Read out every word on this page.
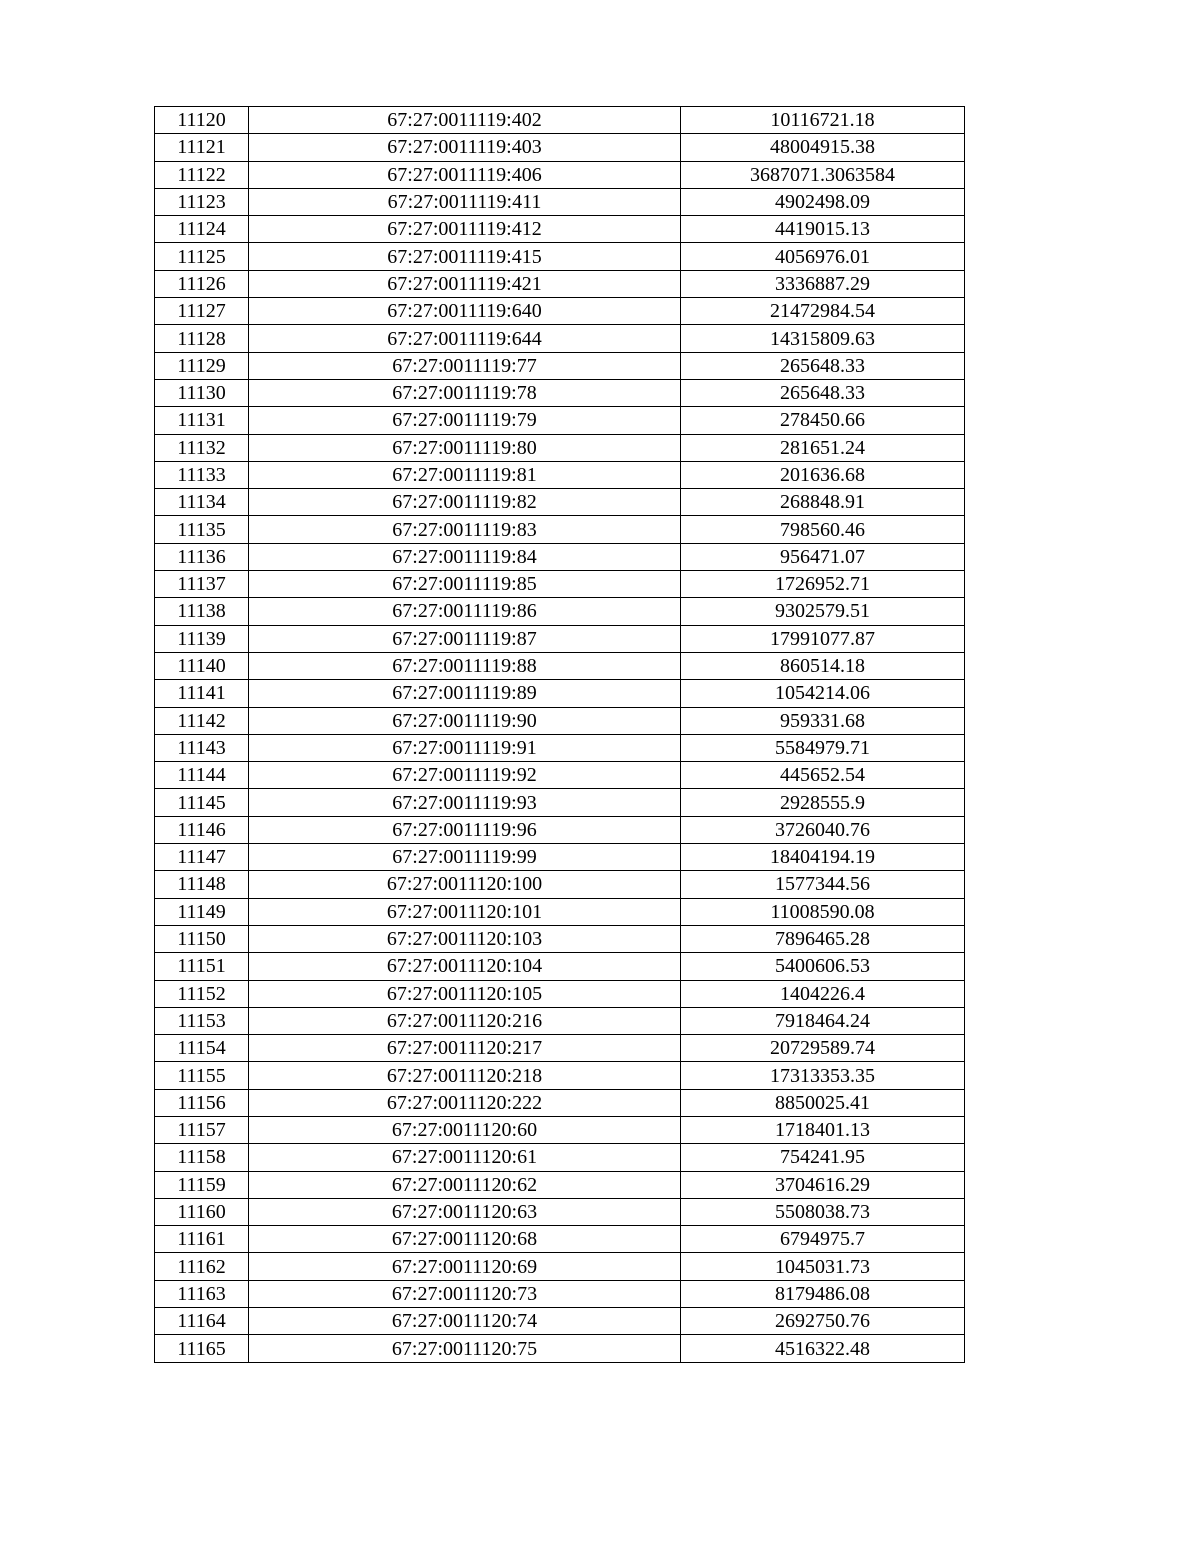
11120	67:27:0011119:402	10116721.18
11121	67:27:0011119:403	48004915.38
11122	67:27:0011119:406	3687071.3063584
11123	67:27:0011119:411	4902498.09
11124	67:27:0011119:412	4419015.13
11125	67:27:0011119:415	4056976.01
11126	67:27:0011119:421	3336887.29
11127	67:27:0011119:640	21472984.54
11128	67:27:0011119:644	14315809.63
11129	67:27:0011119:77	265648.33
11130	67:27:0011119:78	265648.33
11131	67:27:0011119:79	278450.66
11132	67:27:0011119:80	281651.24
11133	67:27:0011119:81	201636.68
11134	67:27:0011119:82	268848.91
11135	67:27:0011119:83	798560.46
11136	67:27:0011119:84	956471.07
11137	67:27:0011119:85	1726952.71
11138	67:27:0011119:86	9302579.51
11139	67:27:0011119:87	17991077.87
11140	67:27:0011119:88	860514.18
11141	67:27:0011119:89	1054214.06
11142	67:27:0011119:90	959331.68
11143	67:27:0011119:91	5584979.71
11144	67:27:0011119:92	445652.54
11145	67:27:0011119:93	2928555.9
11146	67:27:0011119:96	3726040.76
11147	67:27:0011119:99	18404194.19
11148	67:27:0011120:100	1577344.56
11149	67:27:0011120:101	11008590.08
11150	67:27:0011120:103	7896465.28
11151	67:27:0011120:104	5400606.53
11152	67:27:0011120:105	1404226.4
11153	67:27:0011120:216	7918464.24
11154	67:27:0011120:217	20729589.74
11155	67:27:0011120:218	17313353.35
11156	67:27:0011120:222	8850025.41
11157	67:27:0011120:60	1718401.13
11158	67:27:0011120:61	754241.95
11159	67:27:0011120:62	3704616.29
11160	67:27:0011120:63	5508038.73
11161	67:27:0011120:68	6794975.7
11162	67:27:0011120:69	1045031.73
11163	67:27:0011120:73	8179486.08
11164	67:27:0011120:74	2692750.76
11165	67:27:0011120:75	4516322.48
